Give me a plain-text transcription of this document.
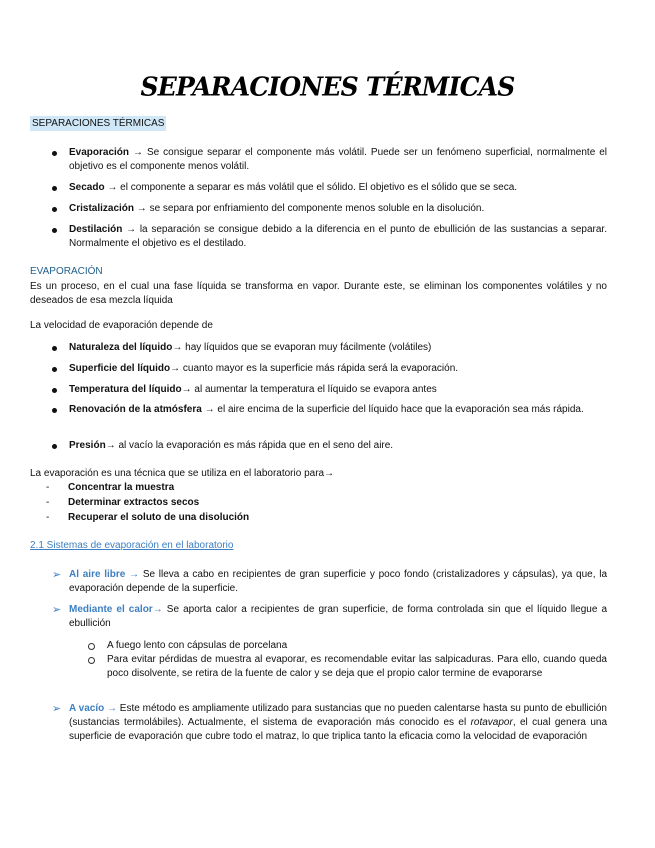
SEPARACIONES TÉRMICAS
SEPARACIONES TÉRMICAS
Evaporación → Se consigue separar el componente más volátil. Puede ser un fenómeno superficial, normalmente el objetivo es el componente menos volátil.
Secado → el componente a separar es más volátil que el sólido. El objetivo es el sólido que se seca.
Cristalización → se separa por enfriamiento del componente menos soluble en la disolución.
Destilación → la separación se consigue debido a la diferencia en el punto de ebullición de las sustancias a separar. Normalmente el objetivo es el destilado.
EVAPORACIÓN
Es un proceso, en el cual una fase líquida se transforma en vapor. Durante este, se eliminan los componentes volátiles y no deseados de esa mezcla líquida
La velocidad de evaporación depende de
Naturaleza del líquido→ hay líquidos que se evaporan muy fácilmente (volátiles)
Superficie del líquido→ cuanto mayor es la superficie más rápida será la evaporación.
Temperatura del líquido→ al aumentar la temperatura el líquido se evapora antes
Renovación de la atmósfera → el aire encima de la superficie del líquido hace que la evaporación sea más rápida.
Presión→ al vacío la evaporación es más rápida que en el seno del aire.
La evaporación es una técnica que se utiliza en el laboratorio para→
- Concentrar la muestra
- Determinar extractos secos
- Recuperar el soluto de una disolución
2.1 Sistemas de evaporación en el laboratorio
➢ Al aire libre → Se lleva a cabo en recipientes de gran superficie y poco fondo (cristalizadores y cápsulas), ya que, la evaporación depende de la superficie.
➢ Mediante el calor→ Se aporta calor a recipientes de gran superficie, de forma controlada sin que el líquido llegue a ebullición
A fuego lento con cápsulas de porcelana
Para evitar pérdidas de muestra al evaporar, es recomendable evitar las salpicaduras. Para ello, cuando queda poco disolvente, se retira de la fuente de calor y se deja que el propio calor termine de evaporarse
➢ A vacío → Este método es ampliamente utilizado para sustancias que no pueden calentarse hasta su punto de ebullición (sustancias termolábiles). Actualmente, el sistema de evaporación más conocido es el rotavapor, el cual genera una superficie de evaporación que cubre todo el matraz, lo que triplica tanto la eficacia como la velocidad de evaporación
